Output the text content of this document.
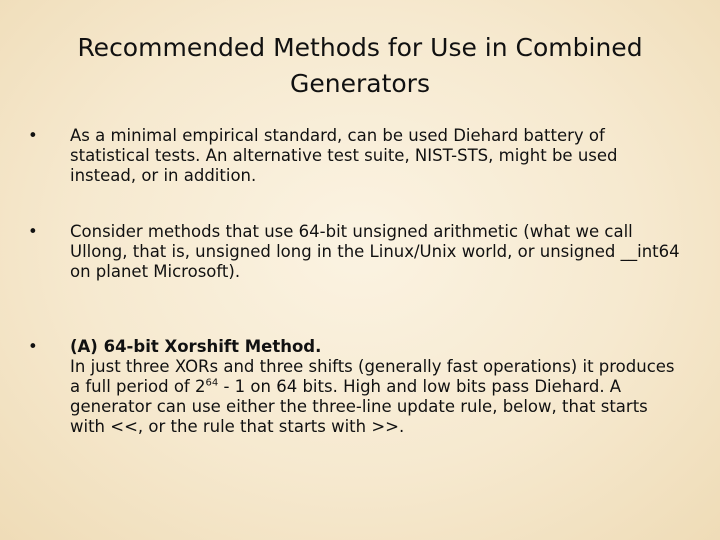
Recommended Methods for Use in Combined
Generators
•	As a minimal empirical standard, can be used Diehard battery of statistical tests. An alternative test suite, NIST-STS, might be used instead, or in addition.
•	Consider methods that use 64-bit unsigned arithmetic (what we call Ullong, that is, unsigned long in the Linux/Unix world, or unsigned __int64 on planet Microsoft).
•	(A) 64-bit Xorshift Method.
In just three XORs and three shifts (generally fast operations) it produces a full period of $2^{64} - 1$ on 64 bits. High and low bits pass Diehard. A generator can use either the three-line update rule, below, that starts with <<, or the rule that starts with >>.
